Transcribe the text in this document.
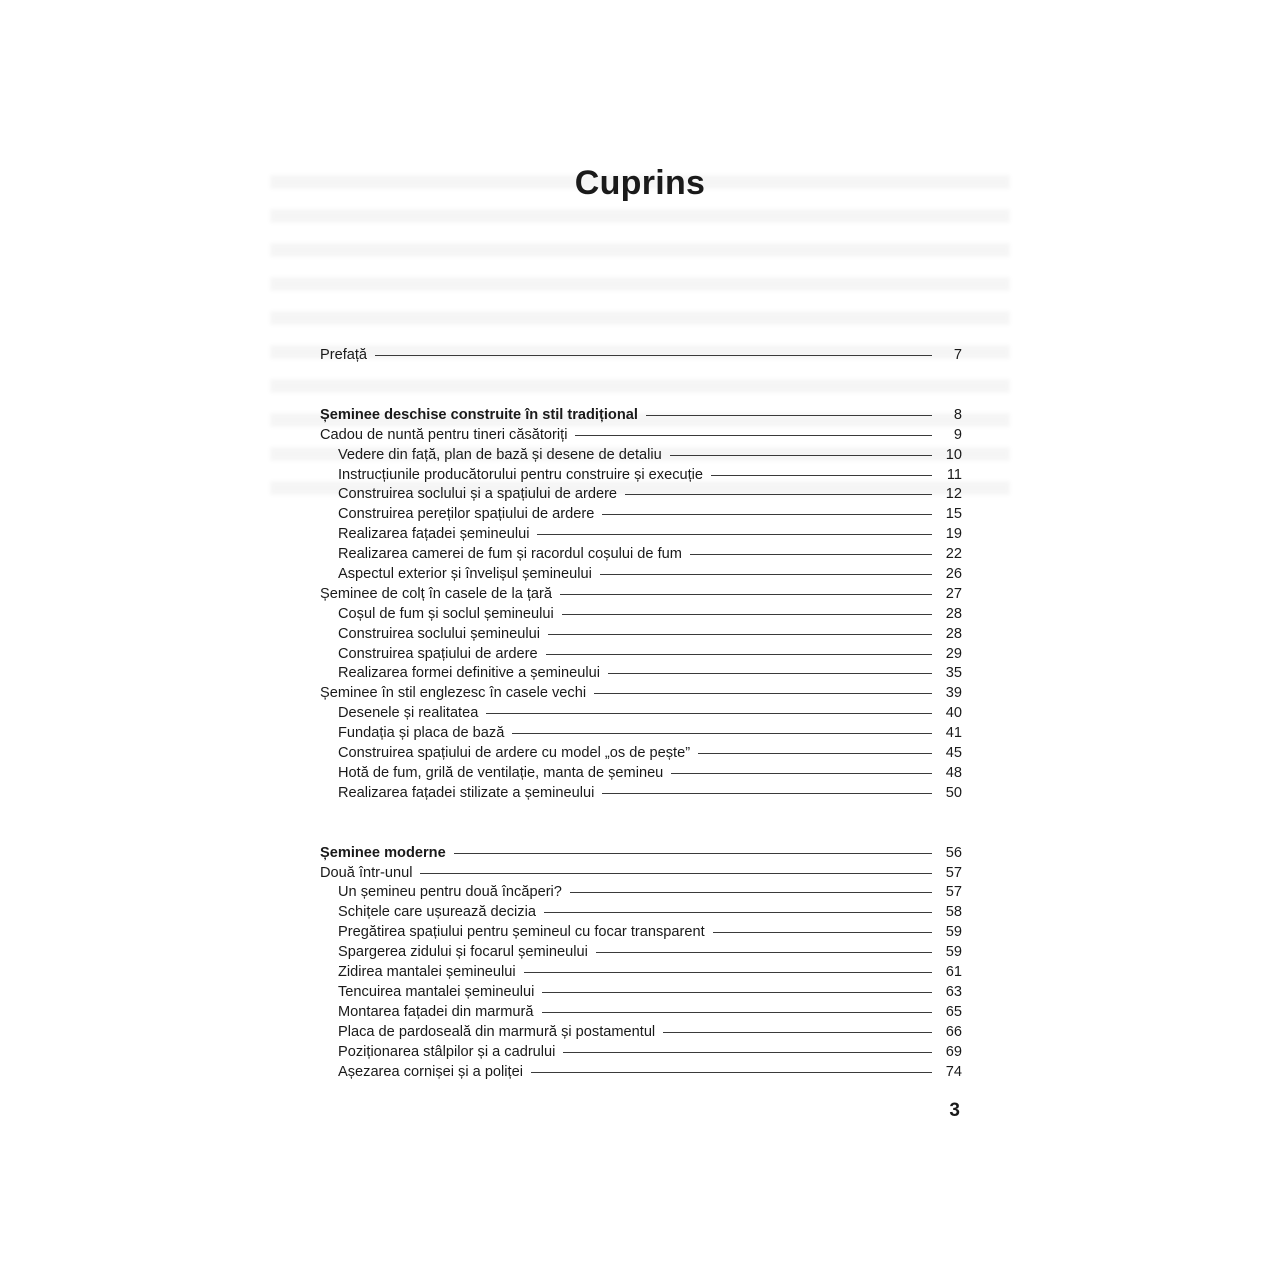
Cuprins
Prefață	7
Șeminee deschise construite în stil tradițional	8
Cadou de nuntă pentru tineri căsătoriți	9
Vedere din față, plan de bază și desene de detaliu	10
Instrucțiunile producătorului pentru construire și execuție	11
Construirea soclului și a spațiului de ardere	12
Construirea pereților spațiului de ardere	15
Realizarea fațadei șemineului	19
Realizarea camerei de fum și racordul coșului de fum	22
Aspectul exterior și învelișul șemineului	26
Șeminee de colț în casele de la țară	27
Coșul de fum și soclul șemineului	28
Construirea soclului șemineului	28
Construirea spațiului de ardere	29
Realizarea formei definitive a șemineului	35
Șeminee în stil englezesc în casele vechi	39
Desenele și realitatea	40
Fundația și placa de bază	41
Construirea spațiului de ardere cu model „os de pește”	45
Hotă de fum, grilă de ventilație, manta de șemineu	48
Realizarea fațadei stilizate a șemineului	50
Șeminee moderne	56
Două într-unul	57
Un șemineu pentru două încăperi?	57
Schițele care ușurează decizia	58
Pregătirea spațiului pentru șemineul cu focar transparent	59
Spargerea zidului și focarul șemineului	59
Zidirea mantalei șemineului	61
Tencuirea mantalei șemineului	63
Montarea fațadei din marmură	65
Placa de pardoseală din marmură și postamentul	66
Poziționarea stâlpilor și a cadrului	69
Așezarea cornișei și a poliței	74
3
